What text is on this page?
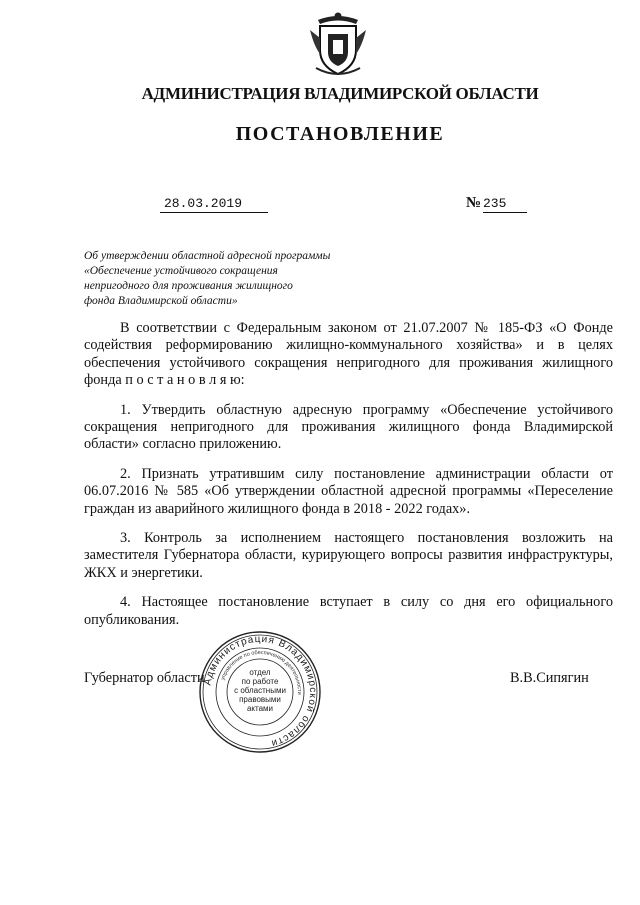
АДМИНИСТРАЦИЯ ВЛАДИМИРСКОЙ ОБЛАСТИ
ПОСТАНОВЛЕНИЕ
28.03.2019	№ 235
Об утверждении областной адресной программы
«Обеспечение устойчивого сокращения
непригодного для проживания жилищного
фонда Владимирской области»

В соответствии с Федеральным законом от 21.07.2007 № 185-ФЗ «О Фонде содействия реформированию жилищно-коммунального хозяйства» и в целях обеспечения устойчивого сокращения непригодного для проживания жилищного фонда п о с т а н о в л я ю:

1. Утвердить областную адресную программу «Обеспечение устойчивого сокращения непригодного для проживания жилищного фонда Владимирской области» согласно приложению.

2. Признать утратившим силу постановление администрации области от 06.07.2016 № 585 «Об утверждении областной адресной программы «Переселение граждан из аварийного жилищного фонда в 2018 - 2022 годах».

3. Контроль за исполнением настоящего постановления возложить на заместителя Губернатора области, курирующего вопросы развития инфраструктуры, ЖКХ и энергетики.

4. Настоящее постановление вступает в силу со дня его официального опубликования.

Губернатор области	В.В.Сипягин
Администрация Владимирской области
управление по обеспечению деятельности
отдел
по работе
с областными
правовыми
актами
